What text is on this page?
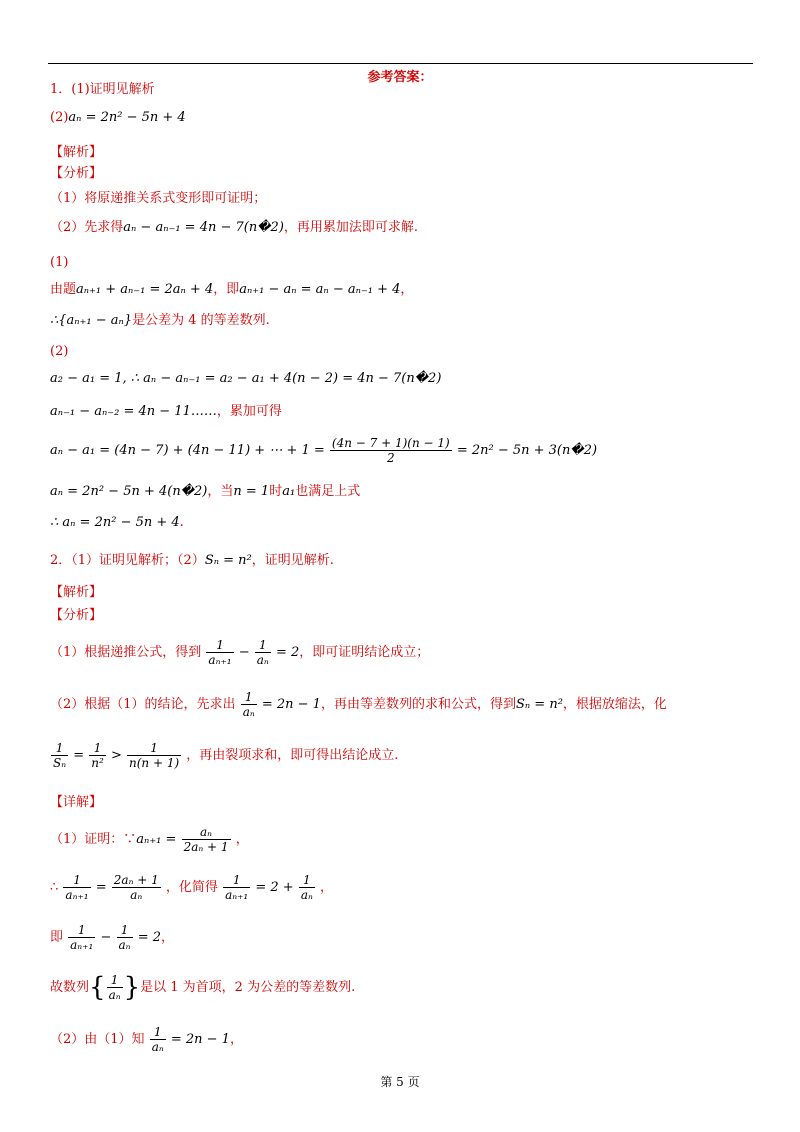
参考答案：
1．(1)证明见解析
(2)aₙ = 2n² − 5n + 4
【解析】
【分析】
（1）将原递推关系式变形即可证明；
（2）先求得aₙ − aₙ₋₁ = 4n − 7(n�2)，再用累加法即可求解.
(1)
由题aₙ₊₁ + aₙ₋₁ = 2aₙ + 4，即aₙ₊₁ − aₙ = aₙ − aₙ₋₁ + 4，
∴{aₙ₊₁ − aₙ}是公差为 4 的等差数列.
(2)
a₂ − a₁ = 1, ∴ aₙ − aₙ₋₁ = a₂ − a₁ + 4(n − 2) = 4n − 7(n�2)
aₙ₋₁ − aₙ₋₂ = 4n − 11……，累加可得
aₙ − a₁ = (4n − 7) + (4n − 11) + ⋯ + $1 = \frac{(4n - 7 + 1)(n - 1)}{2} = 2n^2 - 5n$ + 3(n�2)
aₙ = 2n² − 5n + 4(n�2)，当n = 1时a₁也满足上式
∴ aₙ = 2n² − 5n + 4.
2．（1）证明见解析；（2）Sₙ = n²，证明见解析.
【解析】
【分析】
（1）根据递推公式，得到 $\frac{1}{\text{aₙ₊₁}} - \frac{1}{\text{aₙ}} = 2$，即可证明结论成立；
（2）根据（1）的结论，先求出 $\frac{1}{\text{aₙ}} = 2n - 1$，再由等差数列的求和公式，得到Sₙ = n²，根据放缩法，化
$\frac{1}{\text{Sₙ}} = \frac{1}{\text{n²}} > \frac{1}{n(n + 1)}$ ，再由裂项求和，即可得出结论成立.
【详解】
（1）证明：∵aₙ₊₁ = $\frac{\text{aₙ}}{\text{2aₙ + 1}}$ ，
∴ $\frac{1}{\text{aₙ₊₁}} = \frac{\text{2aₙ + 1}}{\text{aₙ}}$ ，化简得 $\frac{1}{\text{aₙ₊₁}} = 2 + \frac{1}{\text{aₙ}}$ ，
即 $\frac{1}{\text{aₙ₊₁}} - \frac{1}{\text{aₙ}} = 2$，
故数列{ $\frac{1}{\text{aₙ}}$ }是以 1 为首项，2 为公差的等差数列.
（2）由（1）知 $\frac{1}{\text{aₙ}} = 2n - 1$，
第 5 页
